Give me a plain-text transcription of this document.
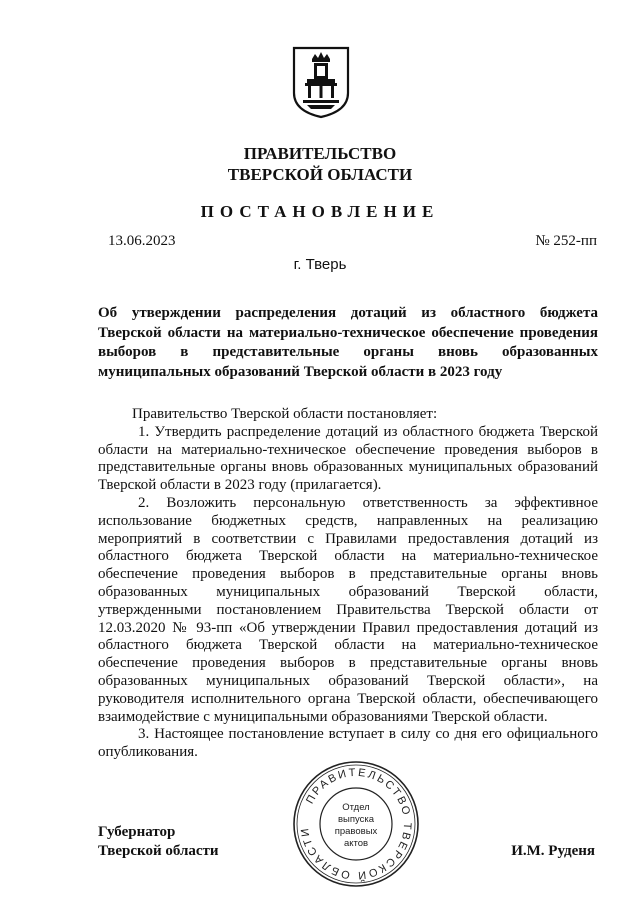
ПРАВИТЕЛЬСТВО
ТВЕРСКОЙ ОБЛАСТИ
ПОСТАНОВЛЕНИЕ
13.06.2023	№ 252-пп
г. Тверь
Об утверждении распределения дотаций из областного бюджета Тверской области на материально-техническое обеспечение проведения выборов в представительные органы вновь образованных муниципальных образований Тверской области в 2023 году

Правительство Тверской области постановляет:

1. Утвердить распределение дотаций из областного бюджета Тверской области на материально-техническое обеспечение проведения выборов в представительные органы вновь образованных муниципальных образований Тверской области в 2023 году (прилагается).

2. Возложить персональную ответственность за эффективное использование бюджетных средств, направленных на реализацию мероприятий в соответствии с Правилами предоставления дотаций из областного бюджета Тверской области на материально-техническое обеспечение проведения выборов в представительные органы вновь образованных муниципальных образований Тверской области, утвержденными постановлением Правительства Тверской области от 12.03.2020 № 93-пп «Об утверждении Правил предоставления дотаций из областного бюджета Тверской области на материально-техническое обеспечение проведения выборов в представительные органы вновь образованных муниципальных образований Тверской области», на руководителя исполнительного органа Тверской области, обеспечивающего взаимодействие с муниципальными образованиями Тверской области.

3. Настоящее постановление вступает в силу со дня его официального опубликования.

Губернатор
Тверской области	И.М. Руденя
ПРАВИТЕЛЬСТВО ТВЕРСКОЙ ОБЛАСТИ
Отдел
выпуска
правовых
актов
